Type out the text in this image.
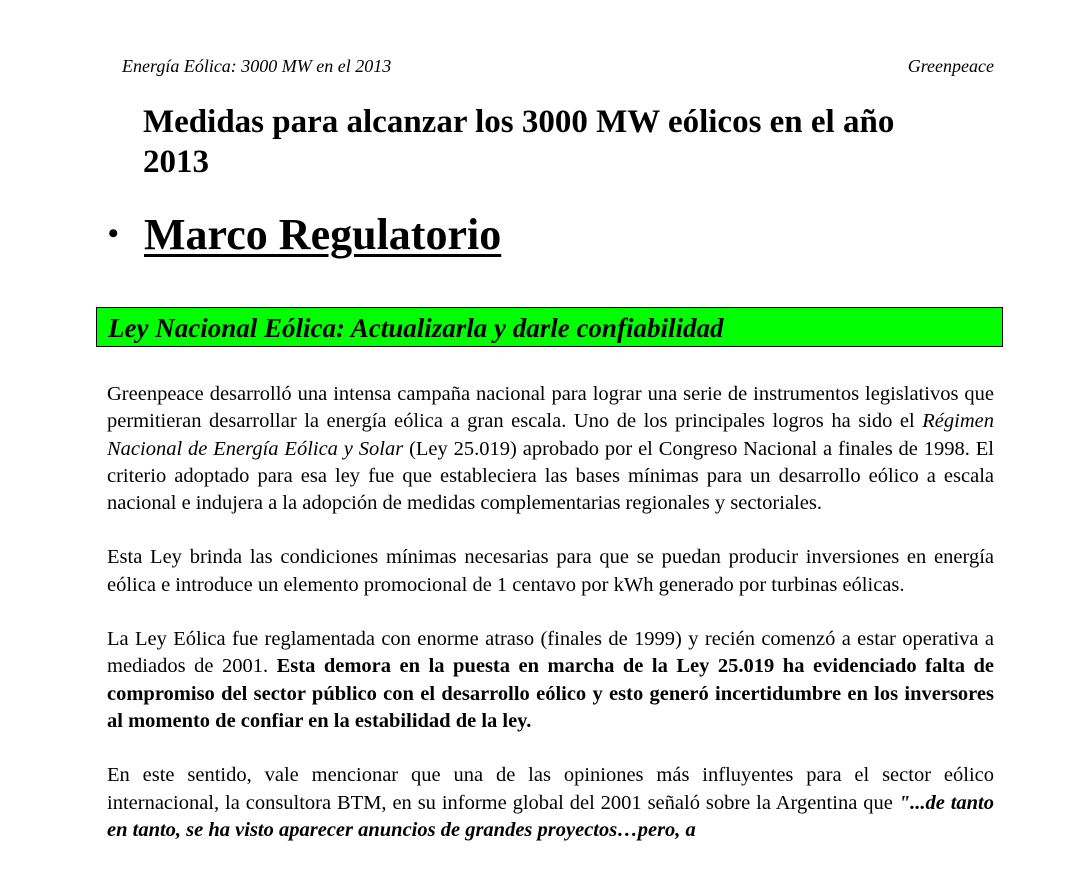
Energía Eólica: 3000 MW en el 2013	Greenpeace
Medidas para alcanzar los 3000 MW eólicos en el año 2013
• Marco Regulatorio
Ley Nacional Eólica: Actualizarla y darle confiabilidad

Greenpeace desarrolló una intensa campaña nacional para lograr una serie de instrumentos legislativos que permitieran desarrollar la energía eólica a gran escala. Uno de los principales logros ha sido el Régimen Nacional de Energía Eólica y Solar (Ley 25.019) aprobado por el Congreso Nacional a finales de 1998. El criterio adoptado para esa ley fue que estableciera las bases mínimas para un desarrollo eólico a escala nacional e indujera a la adopción de medidas complementarias regionales y sectoriales.

Esta Ley brinda las condiciones mínimas necesarias para que se puedan producir inversiones en energía eólica e introduce un elemento promocional de 1 centavo por kWh generado por turbinas eólicas.

La Ley Eólica fue reglamentada con enorme atraso (finales de 1999) y recién comenzó a estar operativa a mediados de 2001. Esta demora en la puesta en marcha de la Ley 25.019 ha evidenciado falta de compromiso del sector público con el desarrollo eólico y esto generó incertidumbre en los inversores al momento de confiar en la estabilidad de la ley.

En este sentido, vale mencionar que una de las opiniones más influyentes para el sector eólico internacional, la consultora BTM, en su informe global del 2001 señaló sobre la Argentina que "...de tanto en tanto, se ha visto aparecer anuncios de grandes proyectos…pero, a
